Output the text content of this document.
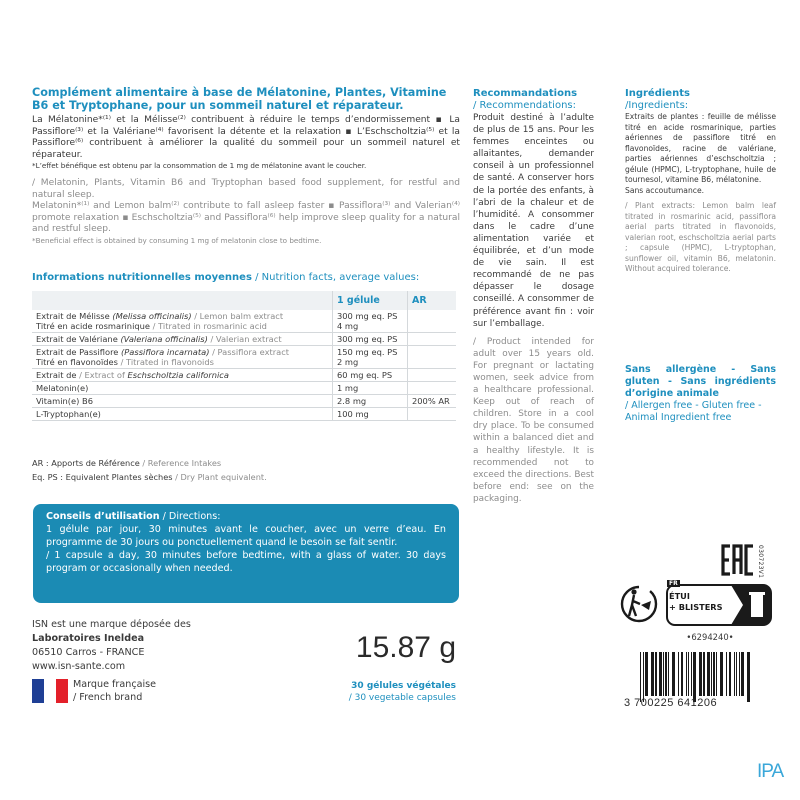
Complément alimentaire à base de Mélatonine, Plantes, Vitamine B6 et Tryptophane, pour un sommeil naturel et réparateur.
La Mélatonine*⁽¹⁾ et la Mélisse⁽²⁾ contribuent à réduire le temps d’endormissement ▪ La Passiflore⁽³⁾ et la Valériane⁽⁴⁾ favorisent la détente et la relaxation ▪ L’Eschscholtzia⁽⁵⁾ et la Passiflore⁽⁶⁾ contribuent à améliorer la qualité du sommeil pour un sommeil naturel et réparateur.
*L’effet bénéfique est obtenu par la consommation de 1 mg de mélatonine avant le coucher.
/ Melatonin, Plants, Vitamin B6 and Tryptophan based food supplement, for restful and natural sleep.
Melatonin*⁽¹⁾ and Lemon balm⁽²⁾ contribute to fall asleep faster ▪ Passiflora⁽³⁾ and Valerian⁽⁴⁾ promote relaxation ▪ Eschscholtzia⁽⁵⁾ and Passiflora⁽⁶⁾ help improve sleep quality for a natural and restful sleep.
*Beneficial effect is obtained by consuming 1 mg of melatonin close to bedtime.
Informations nutritionnelles moyennes / Nutrition facts, average values:
	1 gélule	AR
Extrait de Mélisse (Melissa officinalis) / Lemon balm extract
Titré en acide rosmarinique / Titrated in rosmarinic acid	300 mg eq. PS
4 mg	
Extrait de Valériane (Valeriana officinalis) / Valerian extract	300 mg eq. PS	
Extrait de Passiflore (Passiflora incarnata) / Passiflora extract
Titré en flavonoïdes / Titrated in flavonoids	150 mg eq. PS
2 mg	
Extrait de / Extract of Eschscholtzia californica	60 mg eq. PS	
Melatonin(e)	1 mg	
Vitamin(e) B6	2.8 mg	200% AR
L-Tryptophan(e)	100 mg	
AR : Apports de Référence / Reference Intakes
Eq. PS : Equivalent Plantes sèches / Dry Plant equivalent.
Conseils d’utilisation / Directions:
1 gélule par jour, 30 minutes avant le coucher, avec un verre d’eau. En programme de 30 jours ou ponctuellement quand le besoin se fait sentir.
/ 1 capsule a day, 30 minutes before bedtime, with a glass of water. 30 days program or occasionally when needed.
ISN est une marque déposée des
Laboratoires Ineldea
06510 Carros - FRANCE
www.isn-sante.com
Marque française
/ French brand
15.87 g
30 gélules végétales
/ 30 vegetable capsules
Recommandations
/ Recommendations:
Produit destiné à l’adulte de plus de 15 ans. Pour les femmes enceintes ou allaitantes, demander conseil à un professionnel de santé. A conserver hors de la portée des enfants, à l’abri de la chaleur et de l’humidité. A consommer dans le cadre d’une alimentation variée et équilibrée, et d’un mode de vie sain. Il est recommandé de ne pas dépasser le dosage conseillé. A consommer de préférence avant fin : voir sur l’emballage.
/ Product intended for adult over 15 years old. For pregnant or lactating women, seek advice from a healthcare professional. Keep out of reach of children. Store in a cool dry place. To be consumed within a balanced diet and a healthy lifestyle. It is recommended not to exceed the directions. Best before end: see on the packaging.
Ingrédients
/Ingredients:
Extraits de plantes : feuille de mélisse titré en acide rosmarinique, parties aériennes de passiflore titré en flavonoïdes, racine de valériane, parties aériennes d’eschscholtzia ; gélule (HPMC), L-tryptophane, huile de tournesol, vitamine B6, mélatonine.
Sans accoutumance.
/ Plant extracts: Lemon balm leaf titrated in rosmarinic acid, passiflora aerial parts titrated in flavonoids, valerian root, eschscholtzia aerial parts ; capsule (HPMC), L-tryptophan, sunflower oil, vitamin B6, melatonin. Without acquired tolerance.
Sans allergène - Sans gluten - Sans ingrédients d’origine animale
/ Allergen free - Gluten free - Animal Ingredient free
030723V1
FR
ÉTUI
+ BLISTERS
•6294240•
3 700225 641206
IPA
